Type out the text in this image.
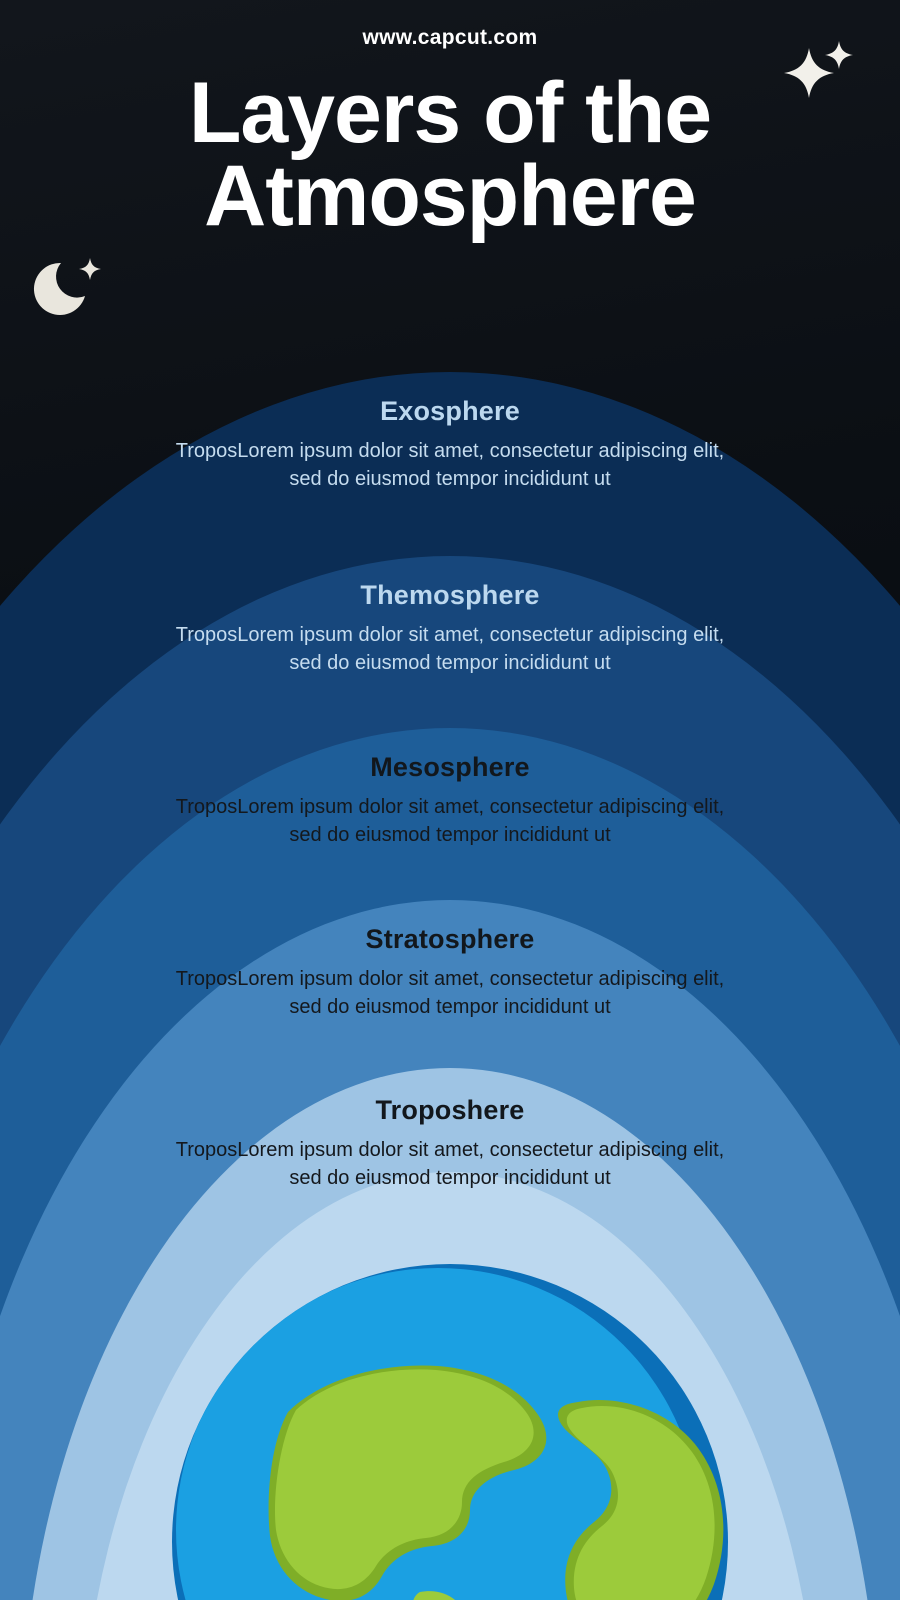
www.capcut.com
Layers of the
Atmosphere
Exosphere
TroposLorem ipsum dolor sit amet, consectetur adipiscing elit, sed do eiusmod tempor incididunt ut
Themosphere
TroposLorem ipsum dolor sit amet, consectetur adipiscing elit, sed do eiusmod tempor incididunt ut
Mesosphere
TroposLorem ipsum dolor sit amet, consectetur adipiscing elit, sed do eiusmod tempor incididunt ut
Stratosphere
TroposLorem ipsum dolor sit amet, consectetur adipiscing elit, sed do eiusmod tempor incididunt ut
Troposhere
TroposLorem ipsum dolor sit amet, consectetur adipiscing elit, sed do eiusmod tempor incididunt ut
